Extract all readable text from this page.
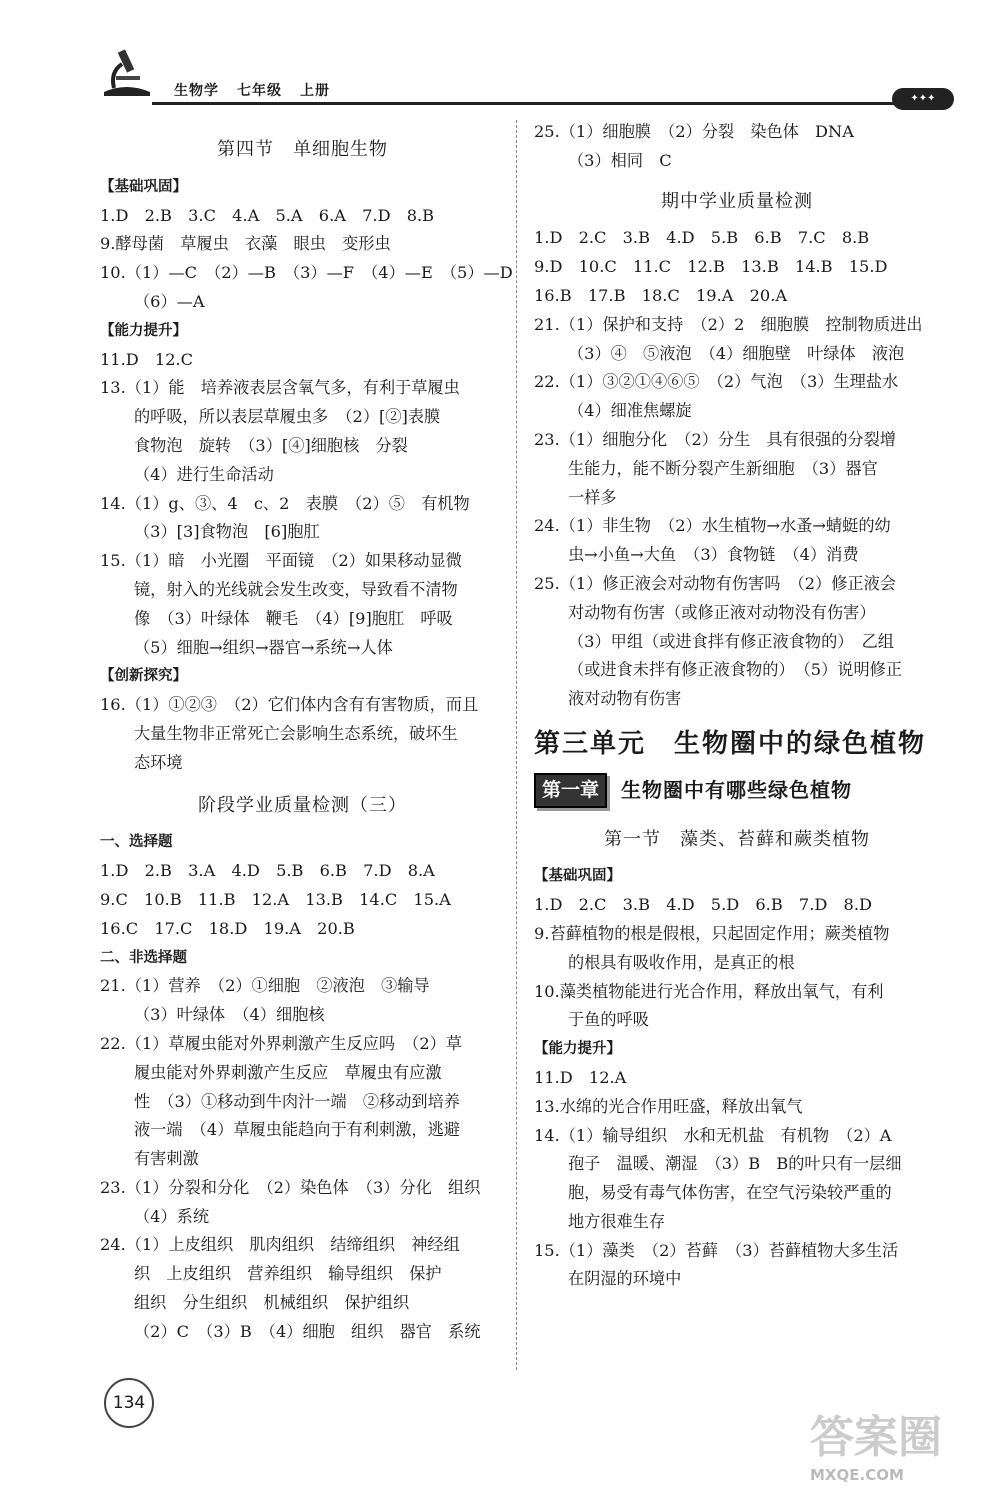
生物学 七年级 上册	✦✦✦
第四节　单细胞生物
【基础巩固】
1.D　2.B　3.C　4.A　5.A　6.A　7.D　8.B
9.酵母菌　草履虫　衣藻　眼虫　变形虫
10.（1）—C　（2）—B　（3）—F　（4）—E　（5）—D
（6）—A
【能力提升】
11.D　12.C
13.（1）能　培养液表层含氧气多，有利于草履虫
的呼吸，所以表层草履虫多　（2）[②]表膜
食物泡　旋转　（3）[④]细胞核　分裂
（4）进行生命活动
14.（1）g、③、4　c、2　表膜　（2）⑤　有机物
（3）[3]食物泡　[6]胞肛
15.（1）暗　小光圈　平面镜　（2）如果移动显微
镜，射入的光线就会发生改变，导致看不清物
像　（3）叶绿体　鞭毛　（4）[9]胞肛　呼吸
（5）细胞→组织→器官→系统→人体
【创新探究】
16.（1）①②③　（2）它们体内含有有害物质，而且
大量生物非正常死亡会影响生态系统，破坏生
态环境
阶段学业质量检测（三）
一、选择题
1.D　2.B　3.A　4.D　5.B　6.B　7.D　8.A
9.C　10.B　11.B　12.A　13.B　14.C　15.A
16.C　17.C　18.D　19.A　20.B
二、非选择题
21.（1）营养　（2）①细胞　②液泡　③输导
（3）叶绿体　（4）细胞核
22.（1）草履虫能对外界刺激产生反应吗　（2）草
履虫能对外界刺激产生反应　草履虫有应激
性　（3）①移动到牛肉汁一端　②移动到培养
液一端　（4）草履虫能趋向于有利刺激，逃避
有害刺激
23.（1）分裂和分化　（2）染色体　（3）分化　组织
（4）系统
24.（1）上皮组织　肌肉组织　结缔组织　神经组
织　上皮组织　营养组织　输导组织　保护
组织　分生组织　机械组织　保护组织
（2）C　（3）B　（4）细胞　组织　器官　系统
25.（1）细胞膜　（2）分裂　染色体　DNA
（3）相同　C
期中学业质量检测
1.D　2.C　3.B　4.D　5.B　6.B　7.C　8.B
9.D　10.C　11.C　12.B　13.B　14.B　15.D
16.B　17.B　18.C　19.A　20.A
21.（1）保护和支持　（2）2　细胞膜　控制物质进出
（3）④　⑤液泡　（4）细胞壁　叶绿体　液泡
22.（1）③②①④⑥⑤　（2）气泡　（3）生理盐水
（4）细准焦螺旋
23.（1）细胞分化　（2）分生　具有很强的分裂增
生能力，能不断分裂产生新细胞　（3）器官
一样多
24.（1）非生物　（2）水生植物→水蚤→蜻蜓的幼
虫→小鱼→大鱼　（3）食物链　（4）消费
25.（1）修正液会对动物有伤害吗　（2）修正液会
对动物有伤害（或修正液对动物没有伤害）
（3）甲组（或进食拌有修正液食物的）　乙组
（或进食未拌有修正液食物的）　（5）说明修正
液对动物有伤害
第三单元　生物圈中的绿色植物
第一章	生物圈中有哪些绿色植物
第一节　藻类、苔藓和蕨类植物
【基础巩固】
1.D　2.C　3.B　4.D　5.D　6.B　7.D　8.D
9.苔藓植物的根是假根，只起固定作用；蕨类植物
的根具有吸收作用，是真正的根
10.藻类植物能进行光合作用，释放出氧气，有利
于鱼的呼吸
【能力提升】
11.D　12.A
13.水绵的光合作用旺盛，释放出氧气
14.（1）输导组织　水和无机盐　有机物　（2）A
孢子　温暖、潮湿　（3）B　B的叶只有一层细
胞，易受有毒气体伤害，在空气污染较严重的
地方很难生存
15.（1）藻类　（2）苔藓　（3）苔藓植物大多生活
在阴湿的环境中
134
答案圈
MXQE.COM
